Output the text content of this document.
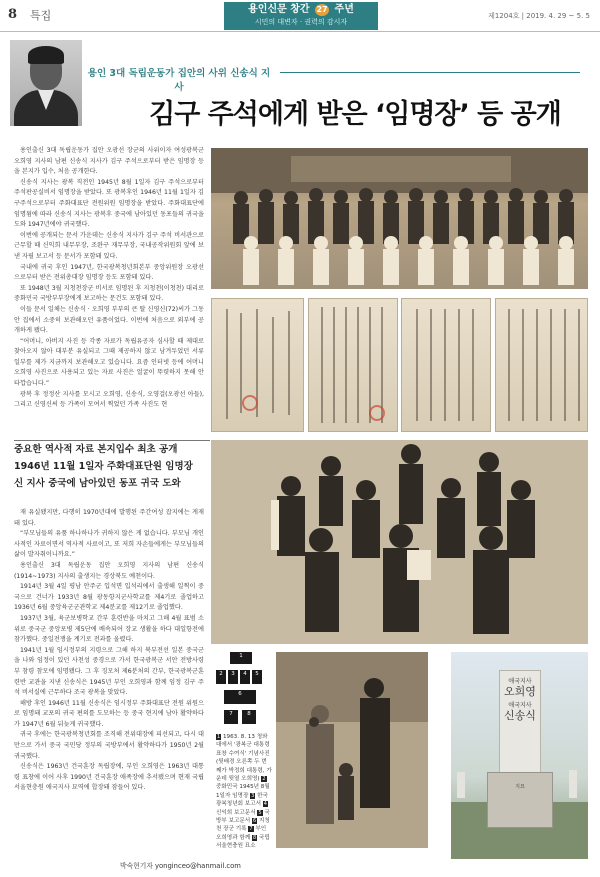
8 특집	용인신문 창간 27 주년
시민의 대변자 · 권력의 감시자
제1204호 | 2019. 4. 29 ~ 5. 5
용인 3대 독립운동가 집안의 사위 신송식 지사
김구 주석에게 받은 ‘임명장’ 등 공개

용인출신 3대 독립운동가 집안 오광선 장군의 사위이자 여성광복군 오희영 지사의 남편 신송식 지사가 김구 주석으로부터 받은 임명장 등을 본지가 입수, 처음 공개한다.

신송식 지사는 광복 직전인 1945년 8월 1일자 김구 주석으로부터 주석판공실비서 임명장을 받았다. 또 광복후인 1946년 11월 1일자 김구주석으로부터 주화대표단 전원위원 임명장을 받았다. 주화대표단에 임명됨에 따라 신송식 지사는 광복후 중국에 남아있던 동포들의 귀국을 도와 1947년에야 귀국했다.

이번에 공개되는 문서 가운데는 신송식 지사가 김구 주석 비서관으로 근무할 때 신익희 내무부장, 조완구 재무부장, 국내공작위원회 앞에 보낸 자필 보고서 등 문서가 포함돼 있다.

국내에 귀국 후인 1947년, 한국광복청년회본부 중앙위원장 오광선으로부터 받은 전위총대장 임명장 등도 포함돼 있다.

또 1948년 3월 지청천장군 비서로 임명된 후 지청천(이청천) 대리로 중화민국 국방부부장에게 보고하는 문건도 포함돼 있다.

이들 문서 일체는 신송식 · 오희영 부부의 큰 딸 신영신(72)씨가 그동안 집에서 소중히 보관해오던 유품이었다. 이번에 처음으로 외부에 공개하게 됐다.

“어머니, 아버지 사진 등 각종 자료가 독립유공자 심사할 때 제대로 찾아오지 않아 대부분 유실되고 그때 제공하지 않고 남겨두었던 서류 일부를 제가 지금까지 보관해오고 있습니다. 요즘 인터넷 등에 어머니 오희영 사진으로 사용되고 있는 자료 사진은 얼굴이 뚜렷하지 못해 안타깝습니다.”

광복 후 정정산 지사를 모시고 오희영, 신송식, 오영걸(오광선 아들), 그리고 신영신씨 등 가족이 모여서 찍었던 가족 사진도 현

중요한 역사적 자료 본지입수 최초 공개
1946년 11월 1일자 주화대표단원 임명장
신 지사 중국에 남아있던 동포 귀국 도와

재 유실됐지만, 다행히 1970년대에 발행된 주간여성 잡지에는 게재돼 있다.

“부모님들의 유품 하나하나가 귀하지 않은 게 없습니다. 부모님 개인사적인 자료이면서 역사적 사료이고, 또 저희 자손들에게는 부모님들의 삶이 발자취이니까요.”

용인출신 3대 독립운동 집안 오희영 지사의 남편 신송식(1914~1973) 지사의 출생지는 경상북도 예천이다.

1914년 3월 4일 평남 안주군 입석면 입석리에서 출생해 일찍이 중국으로 건너가 1933년 8월 광동항지군사학교를 제4기로 졸업하고 1936년 6월 중앙육군군관학교 제4분교를 제12기로 졸업했다.

1937년 3월, 육군보병학교 간부 훈련반을 마치고 그해 4월 표범 소위로 중국군 중앙포병 제5단에 배속되어 장교 생활을 하다 대일항전에 참가했다. 중일전쟁을 계기로 전과를 올렸다.

1941년 1월 임시정부의 지령으로 그해 하지 북부전선 일본 중국군을 나와 임정이 있던 사천성 중경으로 가서 한국광복군 서안 전방사령부 참령 참모에 임명됐다. 그 후 징모처 제6분처의 간부, 한국광복군훈련반 교관을 지낸 신송식은 1945년 부인 오희영과 함께 임정 김구 주석 비서실에 근무하다 조국 광복을 맞았다.

해방 후인 1946년 11월 신송식은 임시정부 주화대표단 전원 위원으로 임명돼 교포의 귀국 편의를 도모하는 등 중국 현지에 남아 활약하다가 1947년 6월 뒤늦게 귀국했다.

귀국 후에는 한국광복청년회를 조직해 전위대장에 피선되고, 다시 대만으로 가서 중국 국민당 정부의 국방부에서 활약하다가 1950년 2월 귀국했다.

신송식은 1963년 건국훈장 독립장에, 부인 오희영은 1963년 대통령 표창에 이어 사후 1990년 건국훈장 애족장에 추서됐으며 현재 국립서울현충원 애국지사 묘역에 합장돼 잠들어 있다.

박숙현기자 yonginceo@hanmail.com
1
2	3	4	5
6
7	8
1 1963. 8. 13 청와대에서 '광복군 대통령 표창 수여식' 기념사진(뒷배경 오른쪽 두 번째가 박정희 대통령, 가운데 뒷열 오희영) 2 중화민국 1945년 8월 1일자 임명장 3 한국광복청년회 보고서 4 신익희 보고문서 5 국방부 보고문서 6 지청천 장군 기록 7 부인 오희영과 함께 8 국립 서울현충원 묘소
애국지사
오희영
애국지사
신송식
지묘
